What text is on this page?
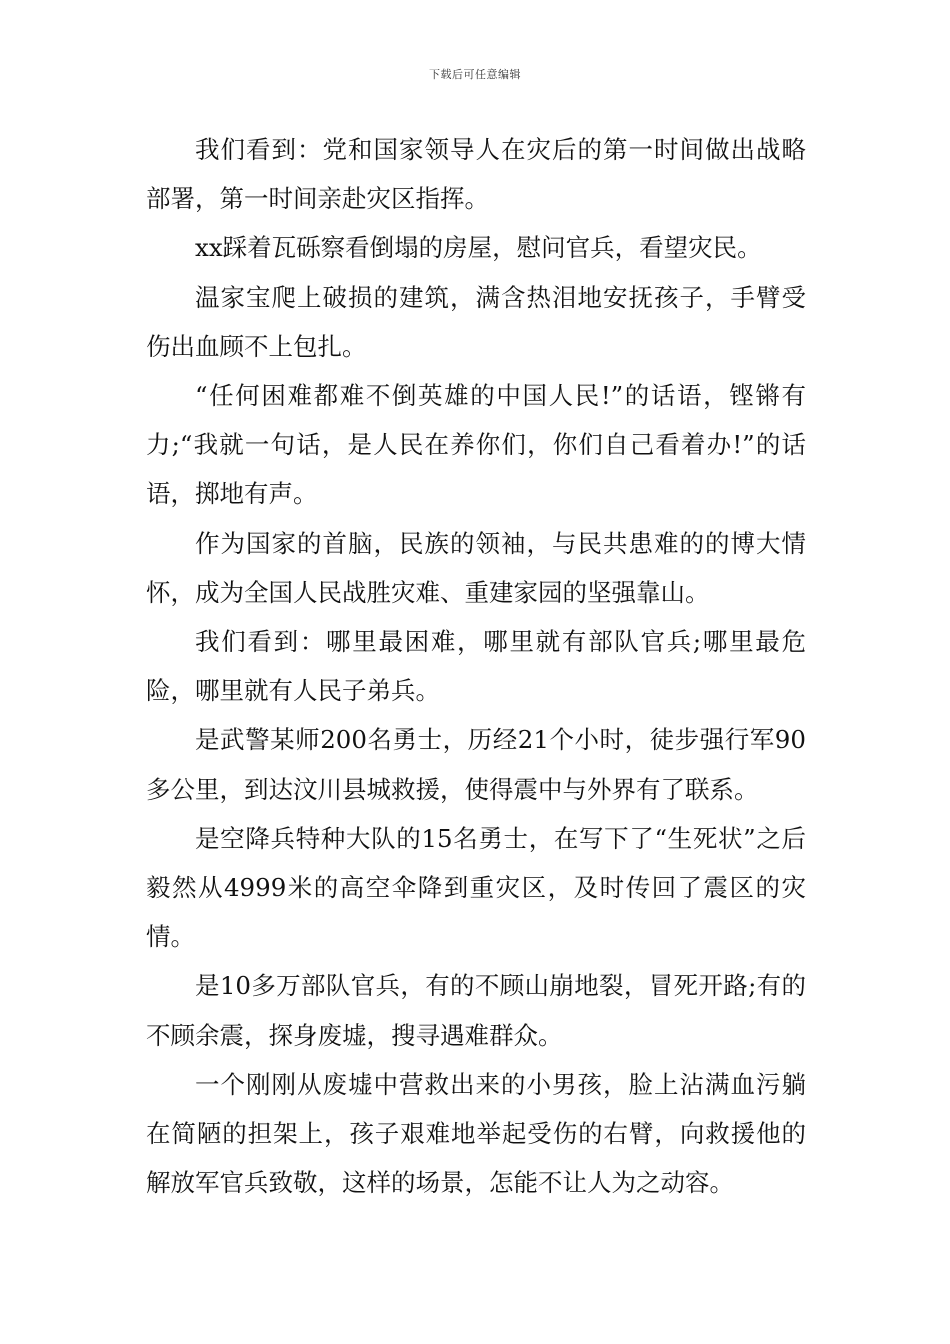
下载后可任意编辑

我们看到：党和国家领导人在灾后的第一时间做出战略部署，第一时间亲赴灾区指挥。

xx踩着瓦砾察看倒塌的房屋，慰问官兵，看望灾民。

温家宝爬上破损的建筑，满含热泪地安抚孩子，手臂受伤出血顾不上包扎。

“任何困难都难不倒英雄的中国人民!”的话语，铿锵有力;“我就一句话，是人民在养你们，你们自己看着办!”的话语，掷地有声。

作为国家的首脑，民族的领袖，与民共患难的的博大情怀，成为全国人民战胜灾难、重建家园的坚强靠山。

我们看到：哪里最困难，哪里就有部队官兵;哪里最危险，哪里就有人民子弟兵。

是武警某师200名勇士，历经21个小时，徒步强行军90多公里，到达汶川县城救援，使得震中与外界有了联系。

是空降兵特种大队的15名勇士，在写下了“生死状”之后毅然从4999米的高空伞降到重灾区，及时传回了震区的灾情。

是10多万部队官兵，有的不顾山崩地裂，冒死开路;有的不顾余震，探身废墟，搜寻遇难群众。

一个刚刚从废墟中营救出来的小男孩，脸上沾满血污躺在简陋的担架上，孩子艰难地举起受伤的右臂，向救援他的解放军官兵致敬，这样的场景，怎能不让人为之动容。
